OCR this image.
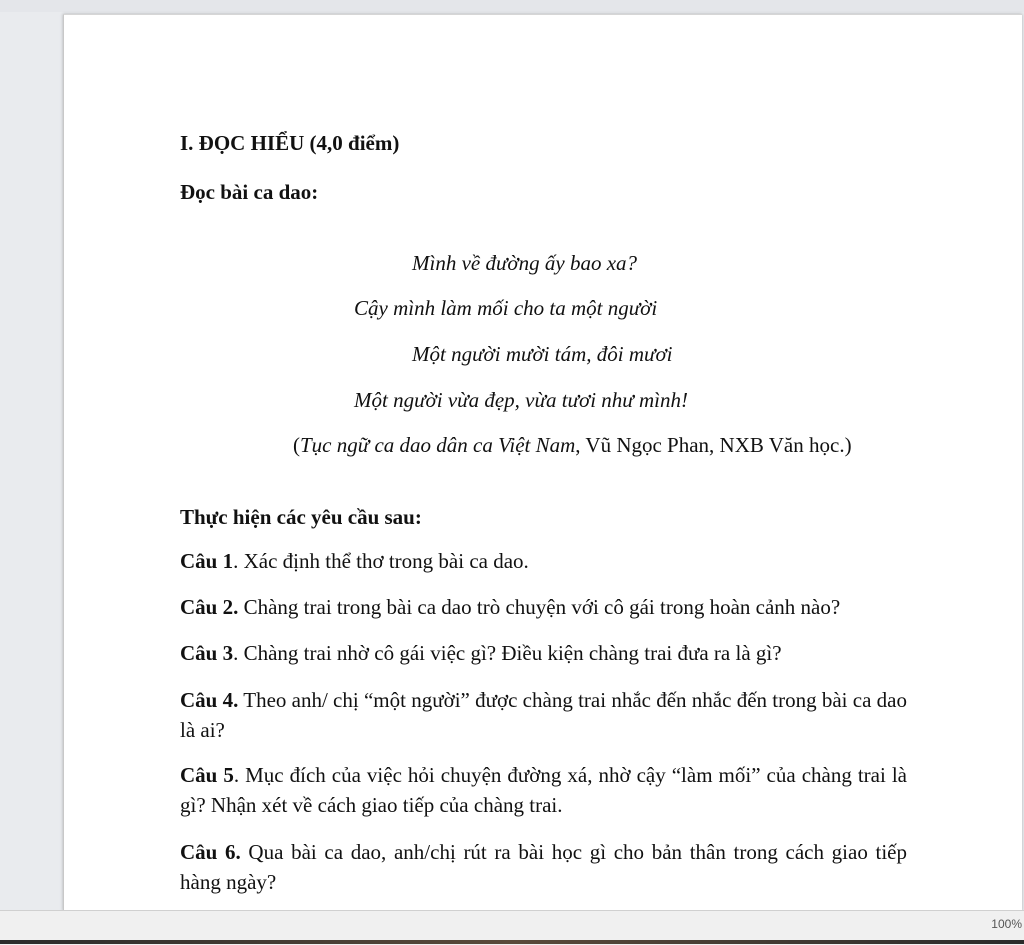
I. ĐỌC HIỂU (4,0 điểm)
Đọc bài ca dao:
Mình về đường ấy bao xa?
Cậy mình làm mối cho ta một người
Một người mười tám, đôi mươi
Một người vừa đẹp, vừa tươi như mình!
(Tục ngữ ca dao dân ca Việt Nam, Vũ Ngọc Phan, NXB Văn học.)
Thực hiện các yêu cầu sau:
Câu 1. Xác định thể thơ trong bài ca dao.
Câu 2. Chàng trai trong bài ca dao trò chuyện với cô gái trong hoàn cảnh nào?
Câu 3. Chàng trai nhờ cô gái việc gì? Điều kiện chàng trai đưa ra là gì?
Câu 4. Theo anh/ chị “một người” được chàng trai nhắc đến nhắc đến trong bài ca dao là ai?
Câu 5. Mục đích của việc hỏi chuyện đường xá, nhờ cậy “làm mối” của chàng trai là gì? Nhận xét về cách giao tiếp của chàng trai.
Câu 6. Qua bài ca dao, anh/chị rút ra bài học gì cho bản thân trong cách giao tiếp hàng ngày?
100%
